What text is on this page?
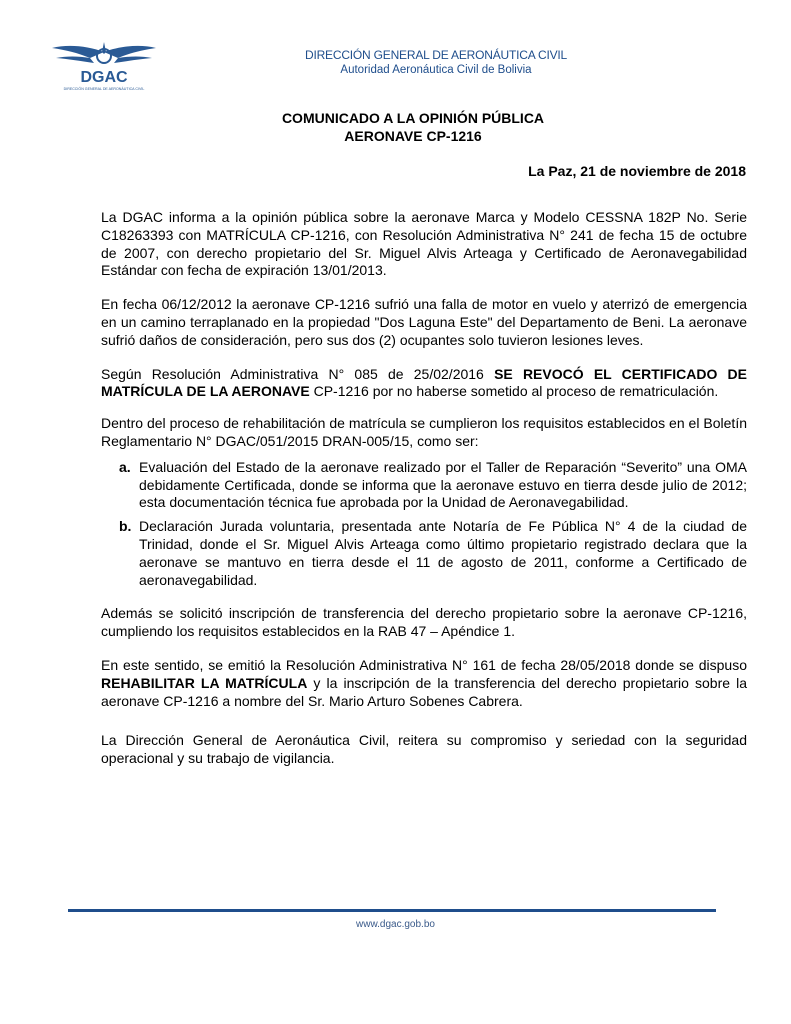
DGAC
DIRECCIÓN GENERAL DE AERONÁUTICA CIVIL
DIRECCIÓN GENERAL DE AERONÁUTICA CIVIL
Autoridad Aeronáutica Civil de Bolivia
COMUNICADO A LA OPINIÓN PÚBLICA
AERONAVE CP-1216
La Paz, 21 de noviembre de 2018

La DGAC informa a la opinión pública sobre la aeronave Marca y Modelo CESSNA 182P No. Serie C18263393 con MATRÍCULA CP-1216, con Resolución Administrativa N° 241 de fecha 15 de octubre de 2007, con derecho propietario del Sr. Miguel Alvis Arteaga y Certificado de Aeronavegabilidad Estándar con fecha de expiración 13/01/2013.

En fecha 06/12/2012 la aeronave CP-1216 sufrió una falla de motor en vuelo y aterrizó de emergencia en un camino terraplanado en la propiedad "Dos Laguna Este" del Departamento de Beni. La aeronave sufrió daños de consideración, pero sus dos (2) ocupantes solo tuvieron lesiones leves.

Según Resolución Administrativa N° 085 de 25/02/2016 SE REVOCÓ EL CERTIFICADO DE MATRÍCULA DE LA AERONAVE CP-1216 por no haberse sometido al proceso de rematriculación.

Dentro del proceso de rehabilitación de matrícula se cumplieron los requisitos establecidos en el Boletín Reglamentario N° DGAC/051/2015 DRAN-005/15, como ser:

a. Evaluación del Estado de la aeronave realizado por el Taller de Reparación “Severito” una OMA debidamente Certificada, donde se informa que la aeronave estuvo en tierra desde julio de 2012; esta documentación técnica fue aprobada por la Unidad de Aeronavegabilidad.
b. Declaración Jurada voluntaria, presentada ante Notaría de Fe Pública N° 4 de la ciudad de Trinidad, donde el Sr. Miguel Alvis Arteaga como último propietario registrado declara que la aeronave se mantuvo en tierra desde el 11 de agosto de 2011, conforme a Certificado de aeronavegabilidad.

Además se solicitó inscripción de transferencia del derecho propietario sobre la aeronave CP-1216, cumpliendo los requisitos establecidos en la RAB 47 – Apéndice 1.

En este sentido, se emitió la Resolución Administrativa N° 161 de fecha 28/05/2018 donde se dispuso REHABILITAR LA MATRÍCULA y la inscripción de la transferencia del derecho propietario sobre la aeronave CP-1216 a nombre del Sr. Mario Arturo Sobenes Cabrera.

La Dirección General de Aeronáutica Civil, reitera su compromiso y seriedad con la seguridad operacional y su trabajo de vigilancia.

www.dgac.gob.bo
